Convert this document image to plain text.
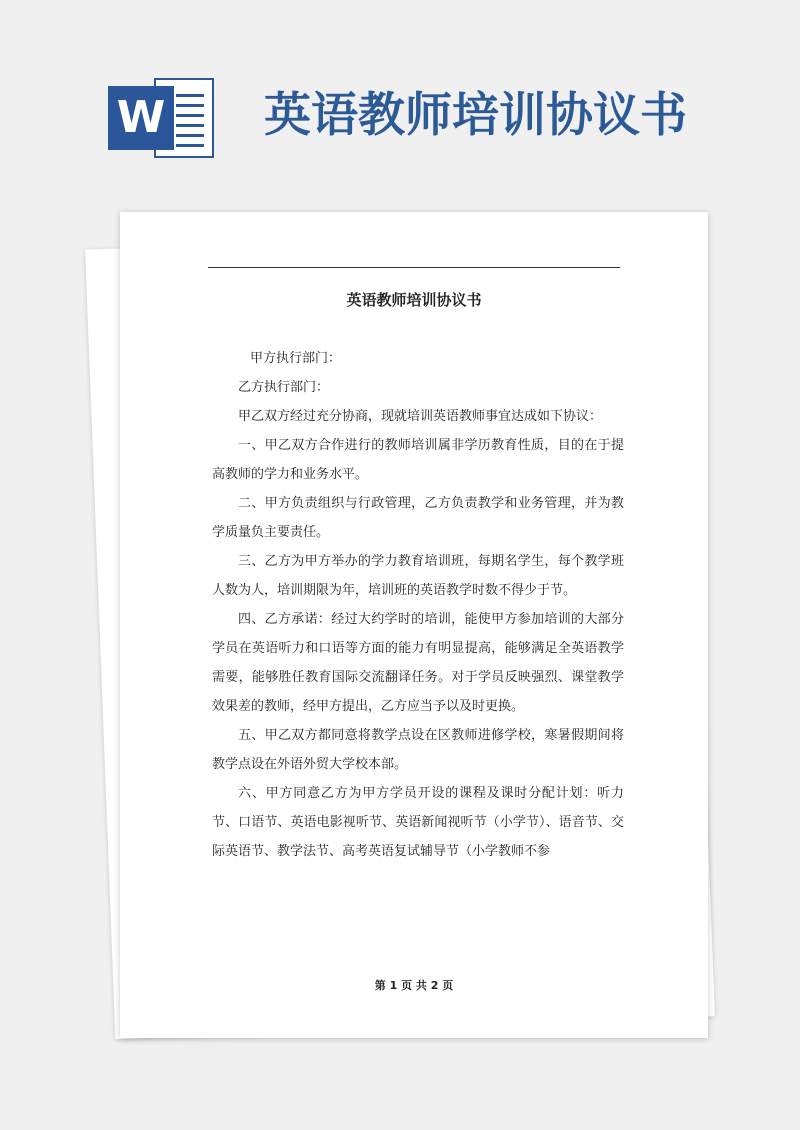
W 英语教师培训协议书
英语教师培训协议书

甲方执行部门：

乙方执行部门：

甲乙双方经过充分协商，现就培训英语教师事宜达成如下协议：

一、甲乙双方合作进行的教师培训属非学历教育性质，目的在于提高教师的学力和业务水平。

二、甲方负责组织与行政管理，乙方负责教学和业务管理，并为教学质量负主要责任。

三、乙方为甲方举办的学力教育培训班，每期名学生，每个教学班人数为人，培训期限为年，培训班的英语教学时数不得少于节。

四、乙方承诺：经过大约学时的培训，能使甲方参加培训的大部分学员在英语听力和口语等方面的能力有明显提高，能够满足全英语教学需要，能够胜任教育国际交流翻译任务。对于学员反映强烈、课堂教学效果差的教师，经甲方提出，乙方应当予以及时更换。

五、甲乙双方都同意将教学点设在区教师进修学校，寒暑假期间将教学点设在外语外贸大学校本部。

六、甲方同意乙方为甲方学员开设的课程及课时分配计划：听力节、口语节、英语电影视听节、英语新闻视听节（小学节）、语音节、交际英语节、教学法节、高考英语复试辅导节（小学教师不参

第 1 页 共 2 页
